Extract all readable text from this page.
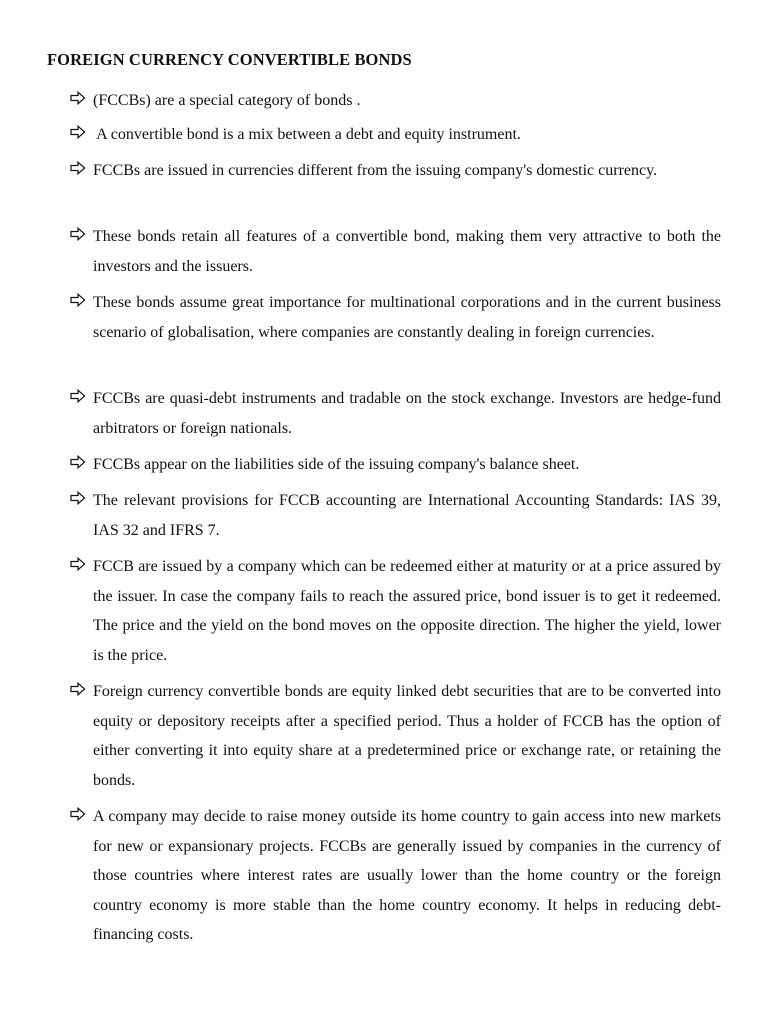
FOREIGN CURRENCY CONVERTIBLE BONDS
(FCCBs) are a special category of bonds .
A convertible bond is a mix between a debt and equity instrument.
FCCBs are issued in currencies different from the issuing company's domestic currency.
These bonds retain all features of a convertible bond, making them very attractive to both the investors and the issuers.
These bonds assume great importance for multinational corporations and in the current business scenario of globalisation, where companies are constantly dealing in foreign currencies.
FCCBs are quasi-debt instruments and tradable on the stock exchange. Investors are hedge-fund arbitrators or foreign nationals.
FCCBs appear on the liabilities side of the issuing company's balance sheet.
The relevant provisions for FCCB accounting are International Accounting Standards: IAS 39, IAS 32 and IFRS 7.
FCCB are issued by a company which can be redeemed either at maturity or at a price assured by the issuer. In case the company fails to reach the assured price, bond issuer is to get it redeemed. The price and the yield on the bond moves on the opposite direction. The higher the yield, lower is the price.
Foreign currency convertible bonds are equity linked debt securities that are to be converted into equity or depository receipts after a specified period. Thus a holder of FCCB has the option of either converting it into equity share at a predetermined price or exchange rate, or retaining the bonds.
A company may decide to raise money outside its home country to gain access into new markets for new or expansionary projects. FCCBs are generally issued by companies in the currency of those countries where interest rates are usually lower than the home country or the foreign country economy is more stable than the home country economy. It helps in reducing debt-financing costs.
